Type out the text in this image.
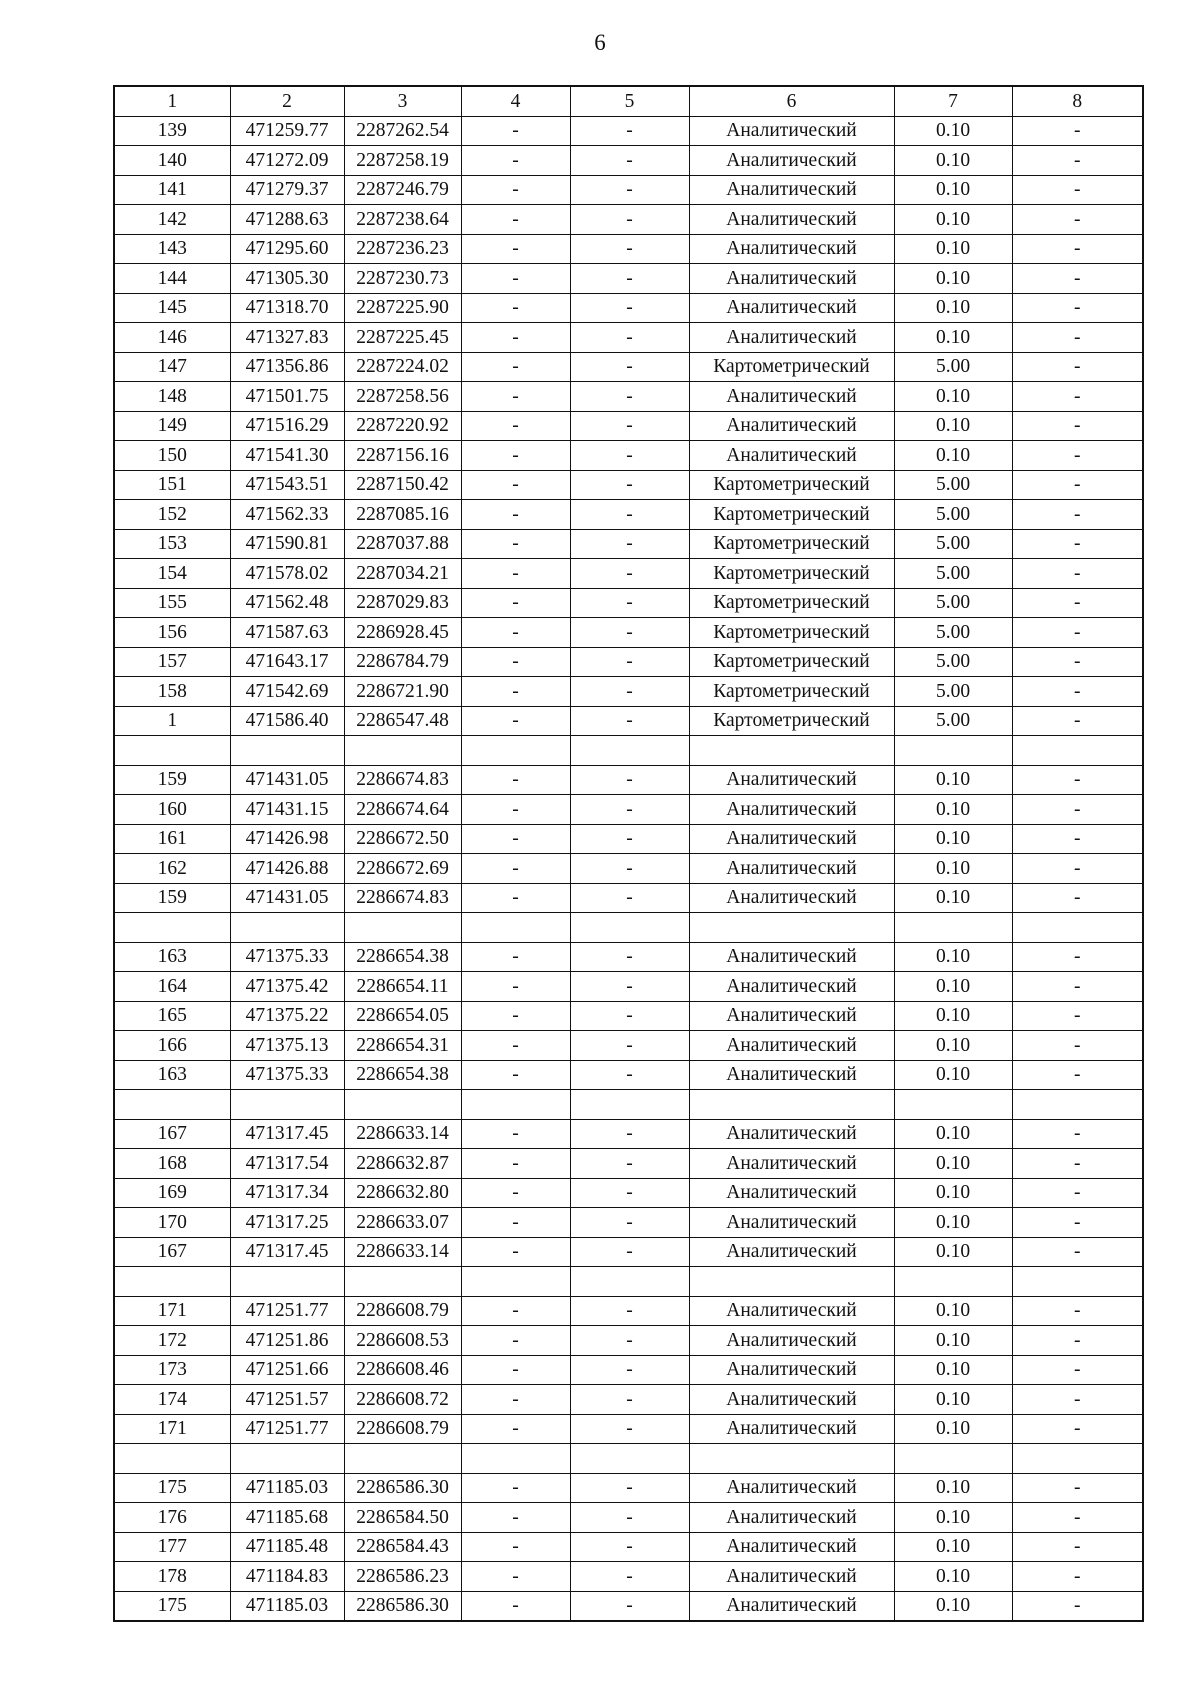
6
1	2	3	4	5	6	7	8
139	471259.77	2287262.54	-	-	Аналитический	0.10	-
140	471272.09	2287258.19	-	-	Аналитический	0.10	-
141	471279.37	2287246.79	-	-	Аналитический	0.10	-
142	471288.63	2287238.64	-	-	Аналитический	0.10	-
143	471295.60	2287236.23	-	-	Аналитический	0.10	-
144	471305.30	2287230.73	-	-	Аналитический	0.10	-
145	471318.70	2287225.90	-	-	Аналитический	0.10	-
146	471327.83	2287225.45	-	-	Аналитический	0.10	-
147	471356.86	2287224.02	-	-	Картометрический	5.00	-
148	471501.75	2287258.56	-	-	Аналитический	0.10	-
149	471516.29	2287220.92	-	-	Аналитический	0.10	-
150	471541.30	2287156.16	-	-	Аналитический	0.10	-
151	471543.51	2287150.42	-	-	Картометрический	5.00	-
152	471562.33	2287085.16	-	-	Картометрический	5.00	-
153	471590.81	2287037.88	-	-	Картометрический	5.00	-
154	471578.02	2287034.21	-	-	Картометрический	5.00	-
155	471562.48	2287029.83	-	-	Картометрический	5.00	-
156	471587.63	2286928.45	-	-	Картометрический	5.00	-
157	471643.17	2286784.79	-	-	Картометрический	5.00	-
158	471542.69	2286721.90	-	-	Картометрический	5.00	-
1	471586.40	2286547.48	-	-	Картометрический	5.00	-

159	471431.05	2286674.83	-	-	Аналитический	0.10	-
160	471431.15	2286674.64	-	-	Аналитический	0.10	-
161	471426.98	2286672.50	-	-	Аналитический	0.10	-
162	471426.88	2286672.69	-	-	Аналитический	0.10	-
159	471431.05	2286674.83	-	-	Аналитический	0.10	-

163	471375.33	2286654.38	-	-	Аналитический	0.10	-
164	471375.42	2286654.11	-	-	Аналитический	0.10	-
165	471375.22	2286654.05	-	-	Аналитический	0.10	-
166	471375.13	2286654.31	-	-	Аналитический	0.10	-
163	471375.33	2286654.38	-	-	Аналитический	0.10	-

167	471317.45	2286633.14	-	-	Аналитический	0.10	-
168	471317.54	2286632.87	-	-	Аналитический	0.10	-
169	471317.34	2286632.80	-	-	Аналитический	0.10	-
170	471317.25	2286633.07	-	-	Аналитический	0.10	-
167	471317.45	2286633.14	-	-	Аналитический	0.10	-

171	471251.77	2286608.79	-	-	Аналитический	0.10	-
172	471251.86	2286608.53	-	-	Аналитический	0.10	-
173	471251.66	2286608.46	-	-	Аналитический	0.10	-
174	471251.57	2286608.72	-	-	Аналитический	0.10	-
171	471251.77	2286608.79	-	-	Аналитический	0.10	-

175	471185.03	2286586.30	-	-	Аналитический	0.10	-
176	471185.68	2286584.50	-	-	Аналитический	0.10	-
177	471185.48	2286584.43	-	-	Аналитический	0.10	-
178	471184.83	2286586.23	-	-	Аналитический	0.10	-
175	471185.03	2286586.30	-	-	Аналитический	0.10	-
